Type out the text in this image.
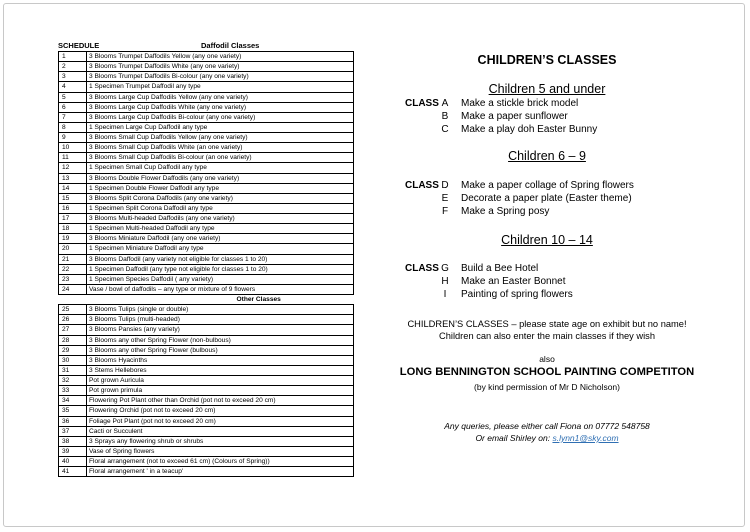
SCHEDULE	Daffodil Classes
1	3 Blooms Trumpet Daffodils Yellow (any one variety)
2	3 Blooms Trumpet Daffodils White (any one variety)
3	3 Blooms Trumpet Daffodils Bi-colour (any one variety)
4	1 Specimen Trumpet Daffodil any type
5	3 Blooms Large Cup Daffodils Yellow (any one variety)
6	3 Blooms Large Cup Daffodils White (any one variety)
7	3 Blooms Large Cup Daffodils Bi-colour (any one variety)
8	1 Specimen Large Cup Daffodil any type
9	3 Blooms Small Cup Daffodils Yellow (any one variety)
10	3 Blooms Small Cup Daffodils White (an one variety)
11	3 Blooms Small Cup Daffodils Bi-colour (an one variety)
12	1 Specimen Small Cup Daffodil any type
13	3 Blooms Double Flower Daffodils (any one variety)
14	1 Specimen Double Flower Daffodil any type
15	3 Blooms Split Corona Daffodils (any one variety)
16	1 Specimen Split Corona Daffodil any type
17	3 Blooms Multi-headed Daffodils (any one variety)
18	1 Specimen Multi-headed Daffodil any type
19	3 Blooms Miniature Daffodil (any one variety)
20	1 Specimen Miniature Daffodil any type
21	3 Blooms Daffodil (any variety not eligible for classes 1 to 20)
22	1 Specimen Daffodil (any type not eligible for classes 1 to 20)
23	1 Specimen Species Daffodil ( any variety)
24	Vase / bowl of daffodils – any type or mixture of 9 flowers
Other Classes	
25	3 Blooms Tulips (single or double)
26	3 Blooms Tulips (multi-headed)
27	3 Blooms Pansies (any variety)
28	3 Blooms any other Spring Flower (non-bulbous)
29	3 Blooms any other Spring Flower (bulbous)
30	3 Blooms Hyacinths
31	3 Stems Hellebores
32	Pot grown Auricula
33	Pot grown primula
34	Flowering Pot Plant other than Orchid (pot not to exceed 20 cm)
35	Flowering Orchid (pot not to exceed 20 cm)
36	Foliage Pot Plant (pot not to exceed 20 cm)
37	Cacti or Succulent
38	3 Sprays any flowering shrub or shrubs
39	Vase of Spring flowers
40	Floral arrangement (not to exceed 61 cm) (Colours of Spring))
41	Floral arrangement ' in a teacup'
CHILDREN’S CLASSES
Children 5 and under
CLASS A Make a stickle brick model
B Make a paper sunflower
C Make a play doh Easter Bunny
Children 6 – 9
CLASS D Make a paper collage of Spring flowers
E Decorate a paper plate (Easter theme)
F Make a Spring posy
Children 10 – 14
CLASS G Build a Bee Hotel
H Make an Easter Bonnet
I	Painting of spring flowers
CHILDREN’S CLASSES – please state age on exhibit but no name!
Children can also enter the main classes if they wish
also
LONG BENNINGTON SCHOOL PAINTING COMPETITON
(by kind permission of Mr D Nicholson)
Any queries, please either call Fiona on 07772 548758
Or email Shirley on: s.lynn1@sky.com
